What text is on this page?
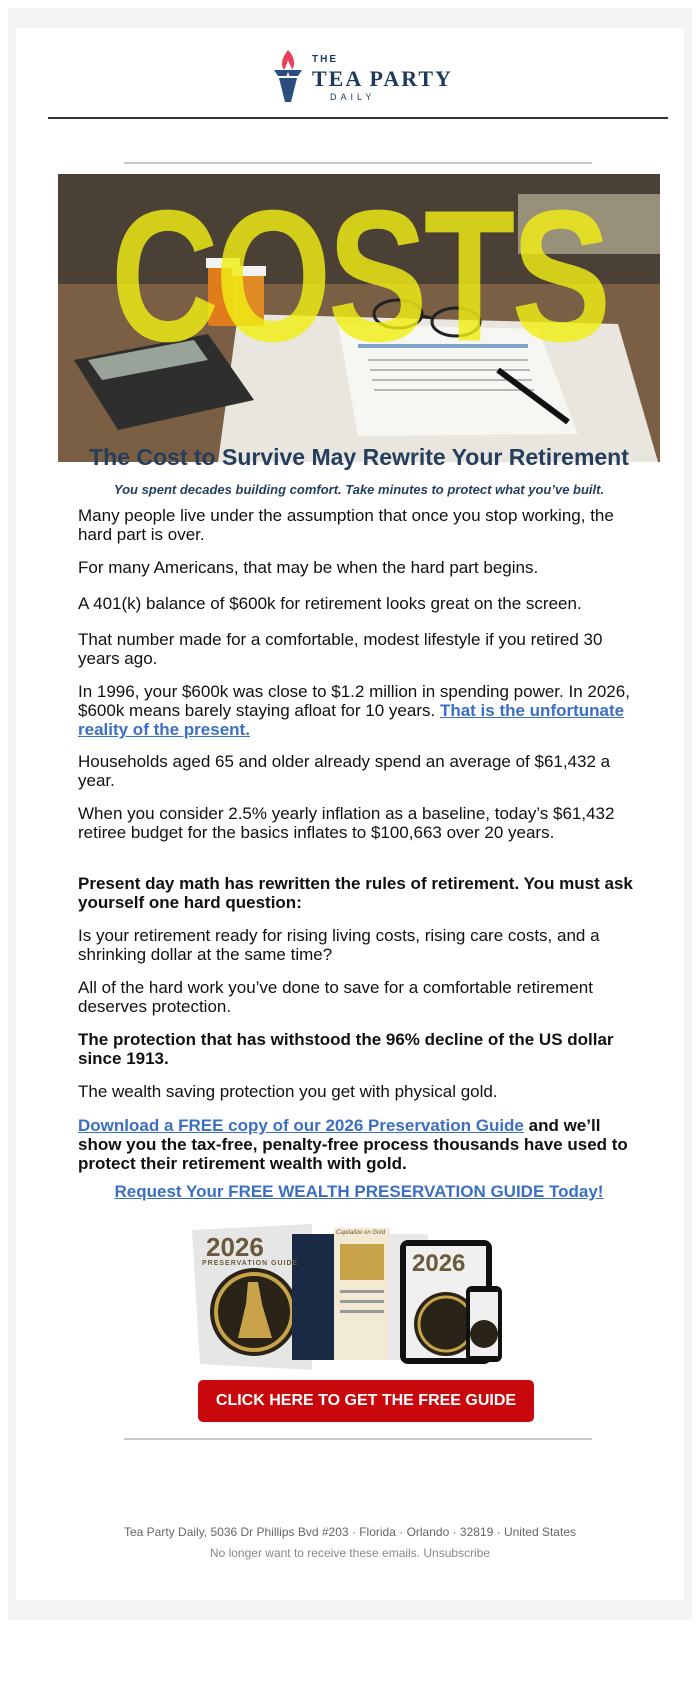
THE
TEA PARTY
DAILY
COSTS
The Cost to Survive May Rewrite Your Retirement
You spent decades building comfort. Take minutes to protect what you’ve built.
Many people live under the assumption that once you stop working, the hard part is over.
For many Americans, that may be when the hard part begins.
A 401(k) balance of $600k for retirement looks great on the screen.
That number made for a comfortable, modest lifestyle if you retired 30 years ago.
In 1996, your $600k was close to $1.2 million in spending power. In 2026, $600k means barely staying afloat for 10 years. That is the unfortunate reality of the present.
Households aged 65 and older already spend an average of $61,432 a year.
When you consider 2.5% yearly inflation as a baseline, today’s $61,432 retiree budget for the basics inflates to $100,663 over 20 years.
Present day math has rewritten the rules of retirement. You must ask yourself one hard question:
Is your retirement ready for rising living costs, rising care costs, and a shrinking dollar at the same time?
All of the hard work you’ve done to save for a comfortable retirement deserves protection.
The protection that has withstood the 96% decline of the US dollar since 1913.
The wealth saving protection you get with physical gold.
Download a FREE copy of our 2026 Preservation Guide and we’ll show you the tax-free, penalty-free process thousands have used to protect their retirement wealth with gold.
Request Your FREE WEALTH PRESERVATION GUIDE Today!
2026
PRESERVATION GUIDE
Capitalize on Gold
2026
CLICK HERE TO GET THE FREE GUIDE
Tea Party Daily, 5036 Dr Phillips Bvd #203 · Florida · Orlando · 32819 · United States
No longer want to receive these emails. Unsubscribe
